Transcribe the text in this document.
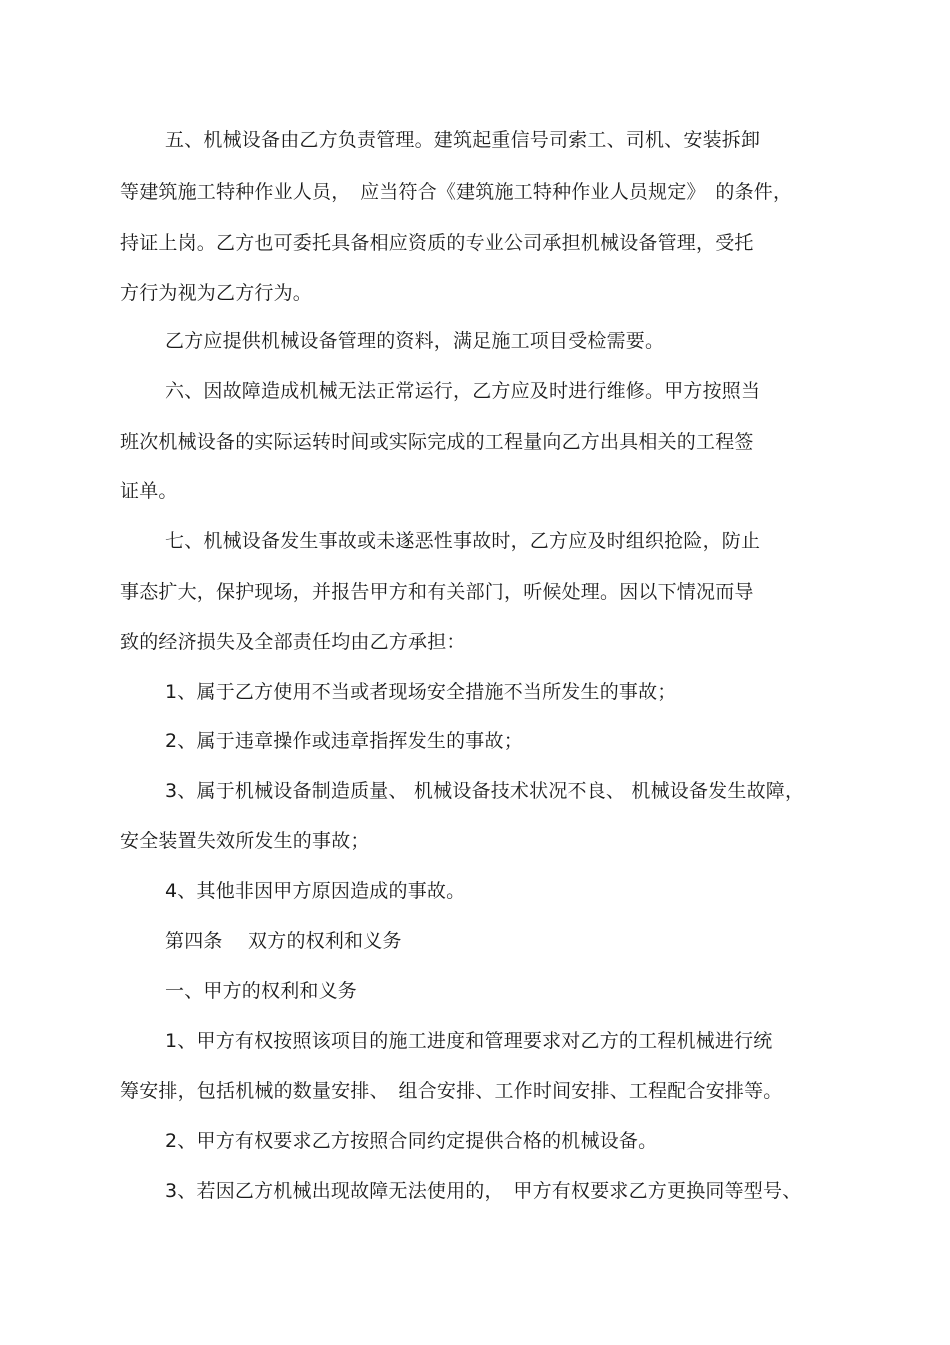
五、机械设备由乙方负责管理。建筑起重信号司索工、司机、安装拆卸
等建筑施工特种作业人员，　应当符合《建筑施工特种作业人员规定》　的条件，
持证上岗。乙方也可委托具备相应资质的专业公司承担机械设备管理，受托
方行为视为乙方行为。
乙方应提供机械设备管理的资料，满足施工项目受检需要。
六、因故障造成机械无法正常运行，乙方应及时进行维修。甲方按照当
班次机械设备的实际运转时间或实际完成的工程量向乙方出具相关的工程签
证单。
七、机械设备发生事故或未遂恶性事故时，乙方应及时组织抢险，防止
事态扩大，保护现场，并报告甲方和有关部门，听候处理。因以下情况而导
致的经济损失及全部责任均由乙方承担：
1、属于乙方使用不当或者现场安全措施不当所发生的事故；
2、属于违章操作或违章指挥发生的事故；
3、属于机械设备制造质量、 机械设备技术状况不良、 机械设备发生故障，
安全装置失效所发生的事故；
4、其他非因甲方原因造成的事故。
第四条　 双方的权利和义务
一、甲方的权利和义务
1、甲方有权按照该项目的施工进度和管理要求对乙方的工程机械进行统
筹安排，包括机械的数量安排、　组合安排、工作时间安排、工程配合安排等。
2、甲方有权要求乙方按照合同约定提供合格的机械设备。
3、若因乙方机械出现故障无法使用的，　甲方有权要求乙方更换同等型号、
